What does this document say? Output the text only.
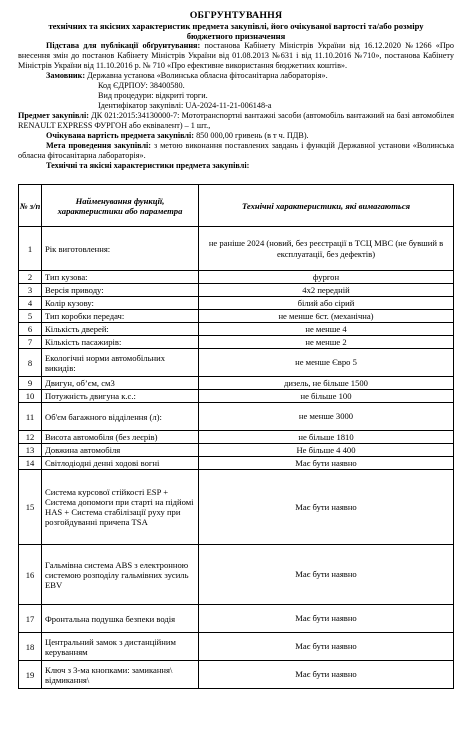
ОБГРУНТУВАННЯ
технічних та якісних характеристик предмета закупівлі, його очікуваної вартості та/або розміру
бюджетного призначення
Підстава для публікації обґрунтування: постанова Кабінету Міністрів України від 16.12.2020 №1266 «Про внесення змін до постанов Кабінету Міністрів України від 01.08.2013 №631 і від 11.10.2016 №710», постанова Кабінету Міністрів України від 11.10.2016 р. № 710 «Про ефективне використання бюджетних коштів».
Замовник: Державна установа «Волинська обласна фітосанітарна лабораторія».
Код ЄДРПОУ: 38400580.
Вид процедури: відкриті торги.
Ідентифікатор закупівлі: UA-2024-11-21-006148-a
Предмет закупівлі: ДК 021:2015:34130000-7: Мототранспортні вантажні засоби (автомобіль вантажний на базі автомобілея RENAULT EXPRESS ФУРГОН або еквівалент) – 1 шт.,
Очікувана вартість предмета закупівлі: 850 000,00 гривень (в т ч. ПДВ).
Мета проведення закупівлі: з метою виконання поставлених завдань і функцій Державної установи «Волинська обласна фітосанітарна лабораторія».
Технічні та якісні характеристики предмета закупівлі:
№ з/п	Найменування функції, характеристики або параметра	Технічні характеристики, які вимагаються
1	Рік виготовлення:	не раніше 2024 (новий, без реєстрації в ТСЦ МВС (не бувший в експлуатації, без дефектів)
2	Тип кузова:	фургон
3	Версія приводу:	4x2 передній
4	Колір кузову:	білий або сірий
5	Тип коробки передач:	не менше 6ст. (механічна)
6	Кількість дверей:	не менше 4
7	Кількість пасажирів:	не менше 2
8	Екологічні норми автомобільних викидів:	не менше Євро 5
9	Двигун, об’єм, см3	дизель, не більше 1500
10	Потужність двигуна к.с.:	не більше 100
11	Об'єм багажного відділення (л):	не менше 3000
12	Висота автомобіля (без леєрів)	не більше 1810
13	Довжина автомобіля	Не більше 4 400
14	Світлодіодні денні ходові вогні	Має бути наявно
15	Система курсової стійкості ESP + Система допомоги при старті на підйомі HAS + Система стабілізації руху при розгойдуванні причепа TSA	Має бути наявно
16	Гальмівна система ABS з електронною системою розподілу гальмівних зусиль EBV	Має бути наявно
17	Фронтальна подушка безпеки водія	Має бути наявно
18	Центральний замок з дистанційним керуванням	Має бути наявно
19	Ключ з 3-ма кнопками: замикання\ відмикання\	Має бути наявно
